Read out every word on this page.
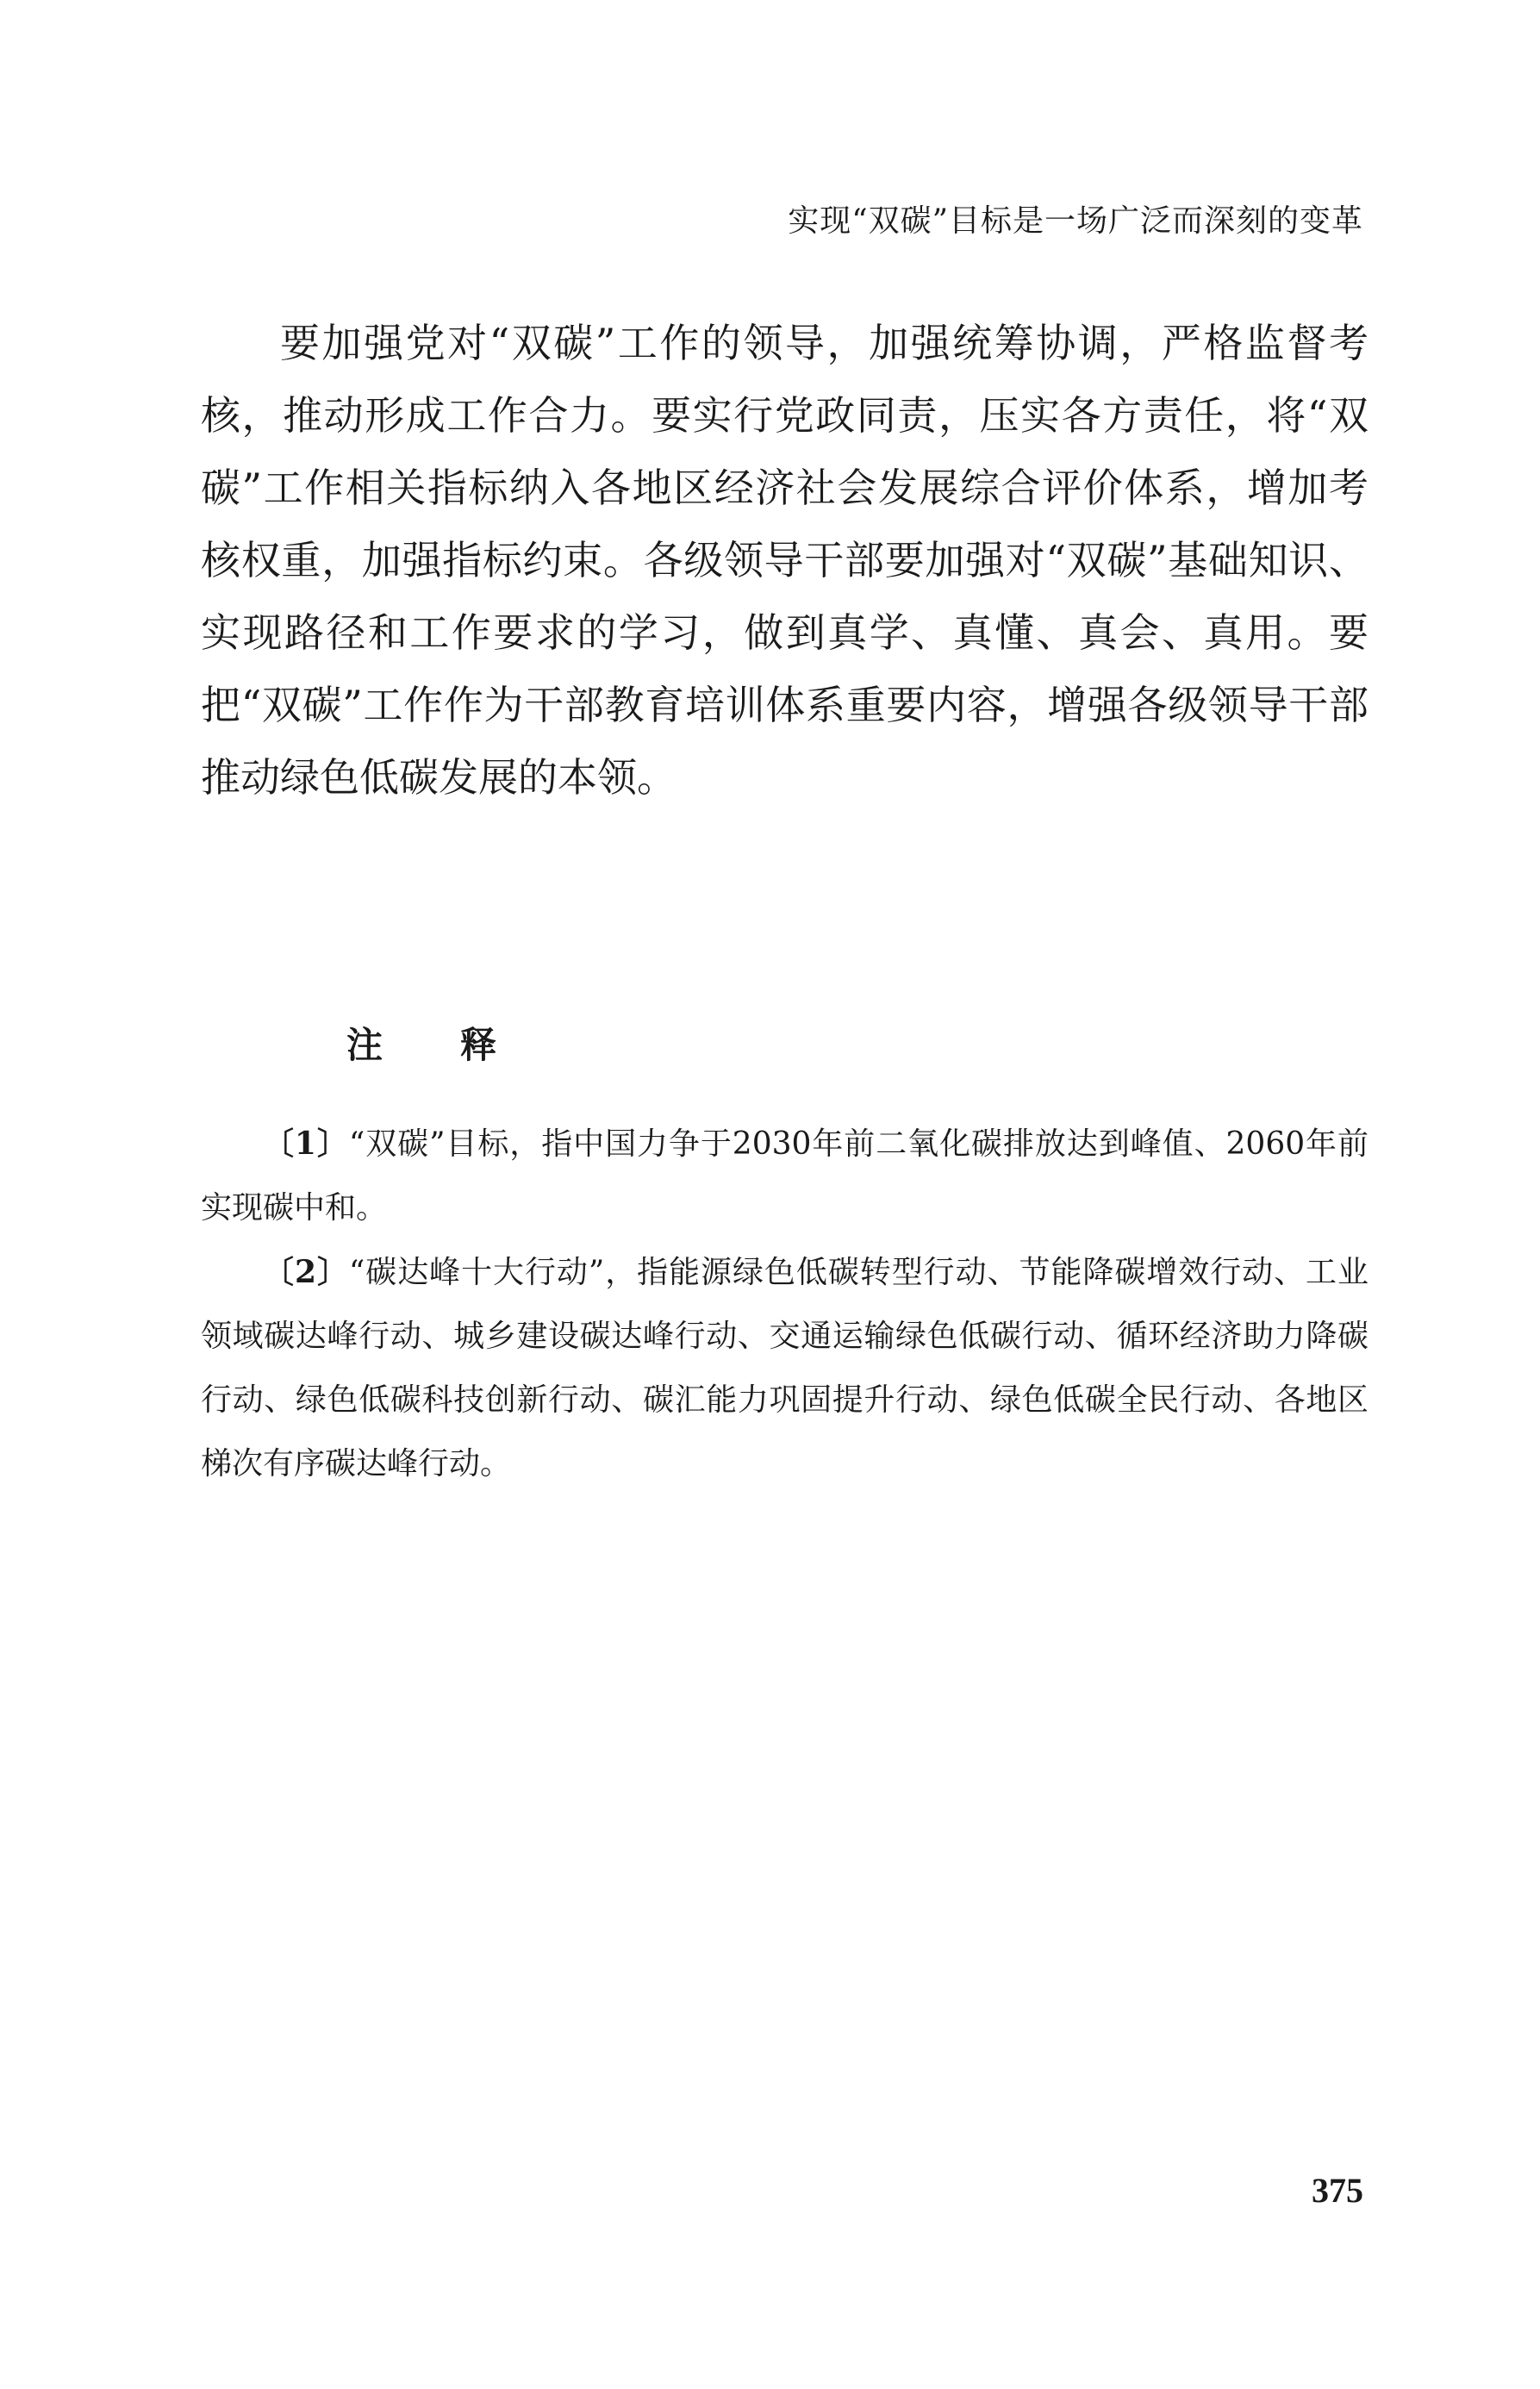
实现“双碳”目标是一场广泛而深刻的变革

要加强党对“双碳”工作的领导，加强统筹协调，严格监督考核，推动形成工作合力。要实行党政同责，压实各方责任，将“双碳”工作相关指标纳入各地区经济社会发展综合评价体系，增加考核权重，加强指标约束。各级领导干部要加强对“双碳”基础知识、实现路径和工作要求的学习，做到真学、真懂、真会、真用。要把“双碳”工作作为干部教育培训体系重要内容，增强各级领导干部推动绿色低碳发展的本领。

注 释

〔1〕“双碳”目标，指中国力争于2030年前二氧化碳排放达到峰值、2060年前实现碳中和。

〔2〕“碳达峰十大行动”，指能源绿色低碳转型行动、节能降碳增效行动、工业领域碳达峰行动、城乡建设碳达峰行动、交通运输绿色低碳行动、循环经济助力降碳行动、绿色低碳科技创新行动、碳汇能力巩固提升行动、绿色低碳全民行动、各地区梯次有序碳达峰行动。

375
